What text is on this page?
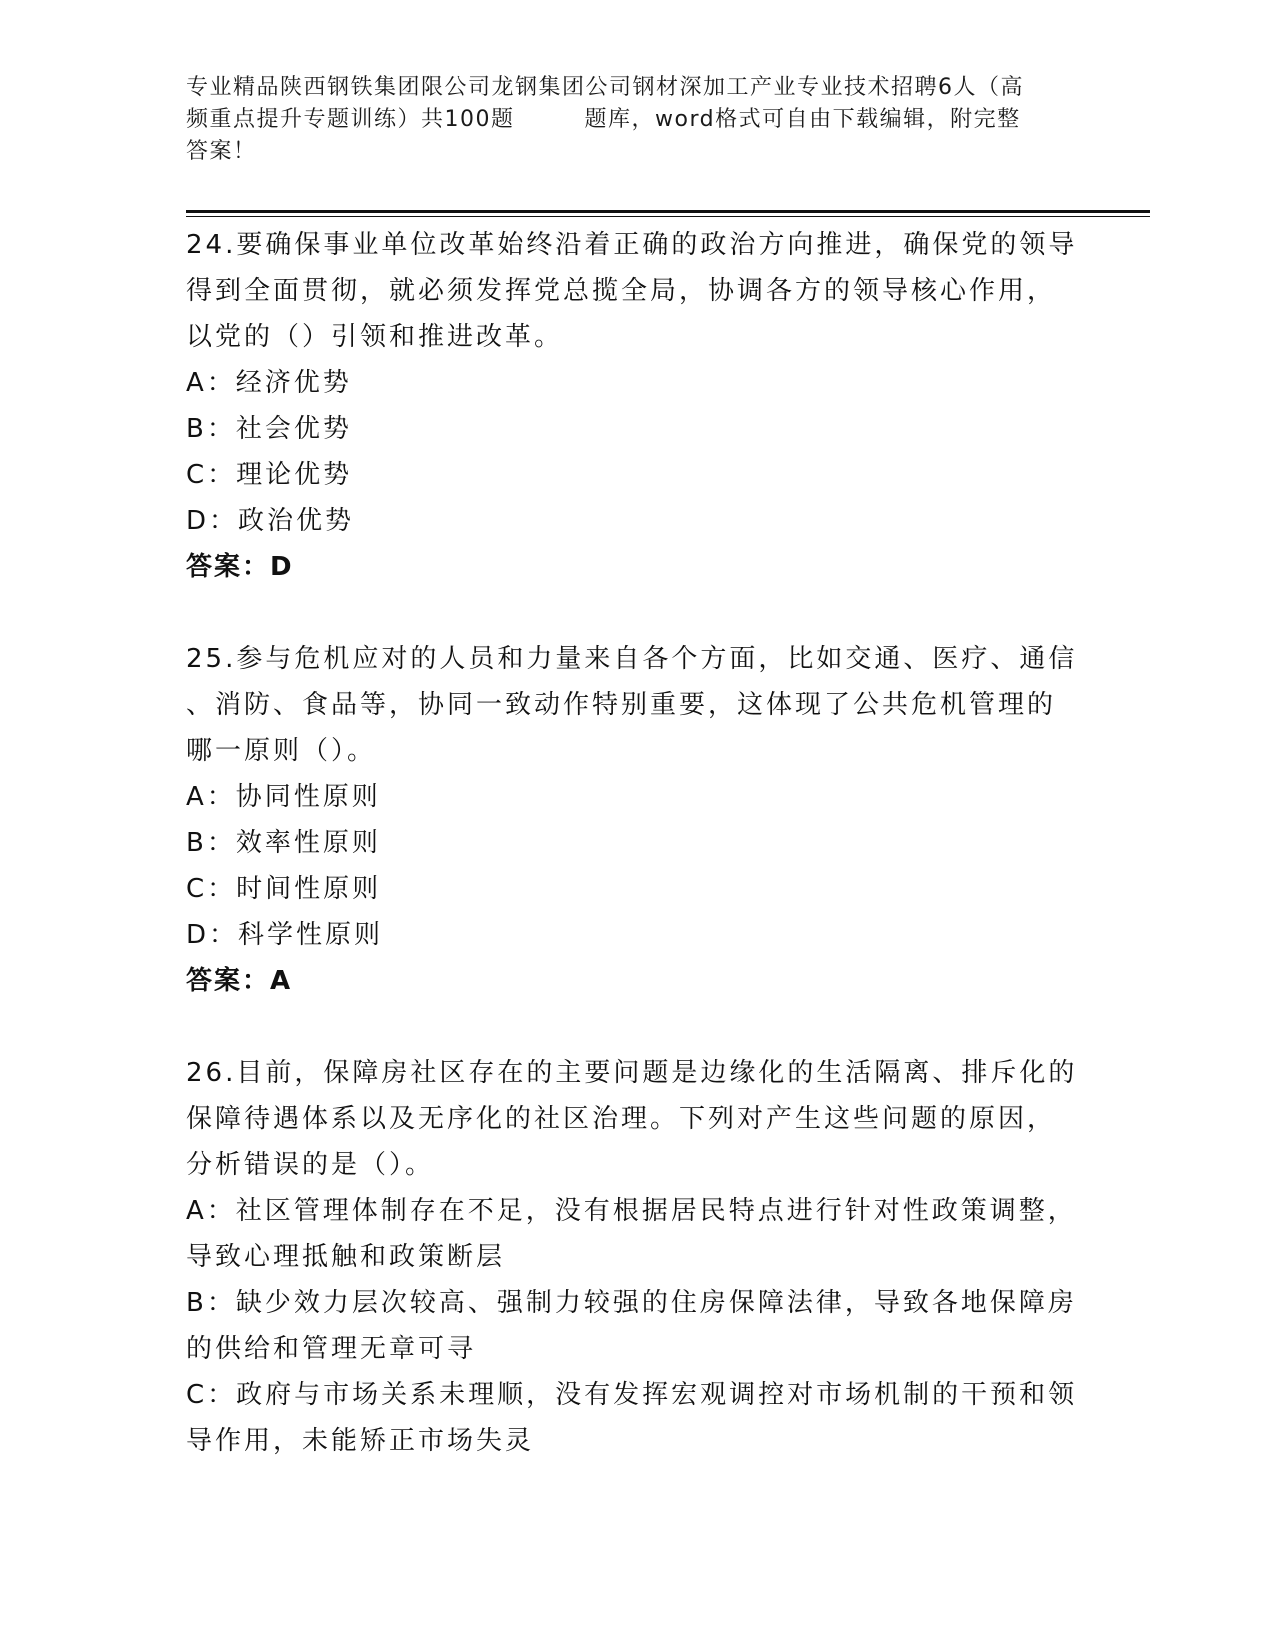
专业精品陕西钢铁集团限公司龙钢集团公司钢材深加工产业专业技术招聘6人（高
频重点提升专题训练）共100题	题库，word格式可自由下载编辑，附完整
答案！

24.要确保事业单位改革始终沿着正确的政治方向推进，确保党的领导

得到全面贯彻，就必须发挥党总揽全局，协调各方的领导核心作用，

以党的（）引领和推进改革。

A：经济优势

B：社会优势

C：理论优势

D：政治优势

答案：D

25.参与危机应对的人员和力量来自各个方面，比如交通、医疗、通信

、消防、食品等，协同一致动作特别重要，这体现了公共危机管理的

哪一原则（）。

A：协同性原则

B：效率性原则

C：时间性原则

D：科学性原则

答案：A

26.目前，保障房社区存在的主要问题是边缘化的生活隔离、排斥化的

保障待遇体系以及无序化的社区治理。下列对产生这些问题的原因，

分析错误的是（）。

A：社区管理体制存在不足，没有根据居民特点进行针对性政策调整，

导致心理抵触和政策断层

B：缺少效力层次较高、强制力较强的住房保障法律，导致各地保障房

的供给和管理无章可寻

C：政府与市场关系未理顺，没有发挥宏观调控对市场机制的干预和领

导作用，未能矫正市场失灵
